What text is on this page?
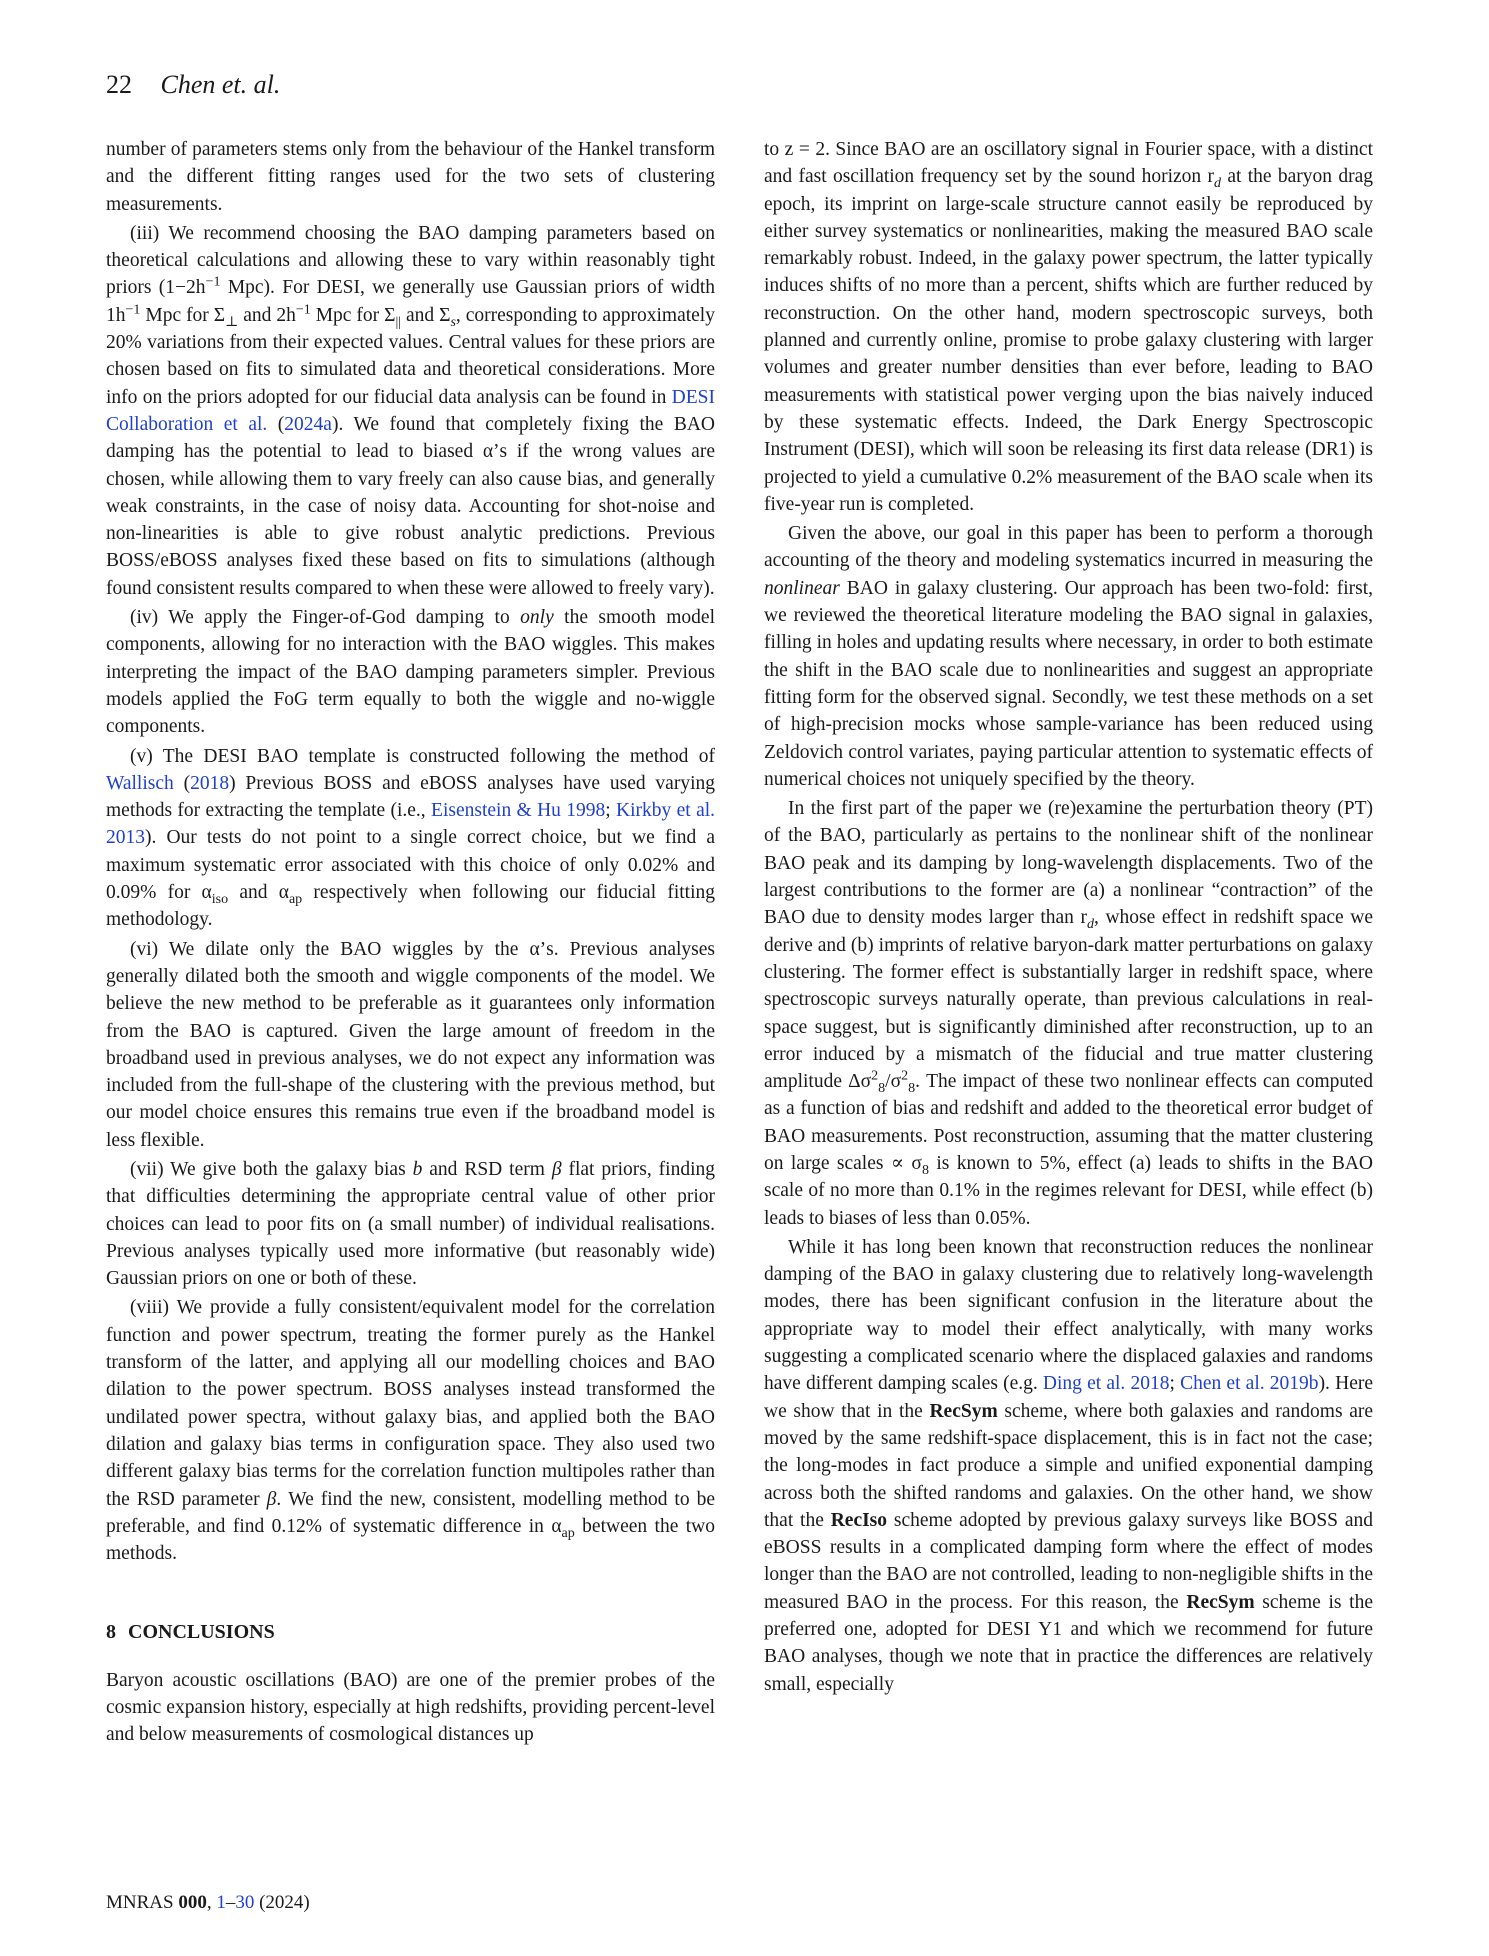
22 Chen et. al.

number of parameters stems only from the behaviour of the Hankel transform and the different fitting ranges used for the two sets of clustering measurements.

(iii) We recommend choosing the BAO damping parameters based on theoretical calculations and allowing these to vary within reasonably tight priors ($1-2h^{-1}$ Mpc). For DESI, we generally use Gaussian priors of width $1h^{-1}$ Mpc for $\Sigma_\perp$ and $2h^{-1}$ Mpc for $\Sigma_{||}$ and $\Sigma_s$, corresponding to approximately 20% variations from their expected values. Central values for these priors are chosen based on fits to simulated data and theoretical considerations. More info on the priors adopted for our fiducial data analysis can be found in DESI Collaboration et al. (2024a). We found that completely fixing the BAO damping has the potential to lead to biased α’s if the wrong values are chosen, while allowing them to vary freely can also cause bias, and generally weak constraints, in the case of noisy data. Accounting for shot-noise and non-linearities is able to give robust analytic predictions. Previous BOSS/eBOSS analyses fixed these based on fits to simulations (although found consistent results compared to when these were allowed to freely vary).

(iv) We apply the Finger-of-God damping to only the smooth model components, allowing for no interaction with the BAO wiggles. This makes interpreting the impact of the BAO damping parameters simpler. Previous models applied the FoG term equally to both the wiggle and no-wiggle components.

(v) The DESI BAO template is constructed following the method of Wallisch (2018) Previous BOSS and eBOSS analyses have used varying methods for extracting the template (i.e., Eisenstein & Hu 1998; Kirkby et al. 2013). Our tests do not point to a single correct choice, but we find a maximum systematic error associated with this choice of only 0.02% and 0.09% for $\alpha_{iso}$ and $\alpha_{ap}$ respectively when following our fiducial fitting methodology.

(vi) We dilate only the BAO wiggles by the α’s. Previous analyses generally dilated both the smooth and wiggle components of the model. We believe the new method to be preferable as it guarantees only information from the BAO is captured. Given the large amount of freedom in the broadband used in previous analyses, we do not expect any information was included from the full-shape of the clustering with the previous method, but our model choice ensures this remains true even if the broadband model is less flexible.

(vii) We give both the galaxy bias b and RSD term β flat priors, finding that difficulties determining the appropriate central value of other prior choices can lead to poor fits on (a small number) of individual realisations. Previous analyses typically used more informative (but reasonably wide) Gaussian priors on one or both of these.

(viii) We provide a fully consistent/equivalent model for the correlation function and power spectrum, treating the former purely as the Hankel transform of the latter, and applying all our modelling choices and BAO dilation to the power spectrum. BOSS analyses instead transformed the undilated power spectra, without galaxy bias, and applied both the BAO dilation and galaxy bias terms in configuration space. They also used two different galaxy bias terms for the correlation function multipoles rather than the RSD parameter β. We find the new, consistent, modelling method to be preferable, and find 0.12% of systematic difference in $\alpha_{ap}$ between the two methods.

8 CONCLUSIONS

Baryon acoustic oscillations (BAO) are one of the premier probes of the cosmic expansion history, especially at high redshifts, providing percent-level and below measurements of cosmological distances up

to z = 2. Since BAO are an oscillatory signal in Fourier space, with a distinct and fast oscillation frequency set by the sound horizon $r_d$ at the baryon drag epoch, its imprint on large-scale structure cannot easily be reproduced by either survey systematics or nonlinearities, making the measured BAO scale remarkably robust. Indeed, in the galaxy power spectrum, the latter typically induces shifts of no more than a percent, shifts which are further reduced by reconstruction. On the other hand, modern spectroscopic surveys, both planned and currently online, promise to probe galaxy clustering with larger volumes and greater number densities than ever before, leading to BAO measurements with statistical power verging upon the bias naively induced by these systematic effects. Indeed, the Dark Energy Spectroscopic Instrument (DESI), which will soon be releasing its first data release (DR1) is projected to yield a cumulative 0.2% measurement of the BAO scale when its five-year run is completed.

Given the above, our goal in this paper has been to perform a thorough accounting of the theory and modeling systematics incurred in measuring the nonlinear BAO in galaxy clustering. Our approach has been two-fold: first, we reviewed the theoretical literature modeling the BAO signal in galaxies, filling in holes and updating results where necessary, in order to both estimate the shift in the BAO scale due to nonlinearities and suggest an appropriate fitting form for the observed signal. Secondly, we test these methods on a set of high-precision mocks whose sample-variance has been reduced using Zeldovich control variates, paying particular attention to systematic effects of numerical choices not uniquely specified by the theory.

In the first part of the paper we (re)examine the perturbation theory (PT) of the BAO, particularly as pertains to the nonlinear shift of the nonlinear BAO peak and its damping by long-wavelength displacements. Two of the largest contributions to the former are (a) a nonlinear “contraction” of the BAO due to density modes larger than $r_d$, whose effect in redshift space we derive and (b) imprints of relative baryon-dark matter perturbations on galaxy clustering. The former effect is substantially larger in redshift space, where spectroscopic surveys naturally operate, than previous calculations in real-space suggest, but is significantly diminished after reconstruction, up to an error induced by a mismatch of the fiducial and true matter clustering amplitude $\Delta\sigma^2_8/\sigma^2_8$. The impact of these two nonlinear effects can computed as a function of bias and redshift and added to the theoretical error budget of BAO measurements. Post reconstruction, assuming that the matter clustering on large scales ∝ $\sigma_8$ is known to 5%, effect (a) leads to shifts in the BAO scale of no more than 0.1% in the regimes relevant for DESI, while effect (b) leads to biases of less than 0.05%.

While it has long been known that reconstruction reduces the nonlinear damping of the BAO in galaxy clustering due to relatively long-wavelength modes, there has been significant confusion in the literature about the appropriate way to model their effect analytically, with many works suggesting a complicated scenario where the displaced galaxies and randoms have different damping scales (e.g. Ding et al. 2018; Chen et al. 2019b). Here we show that in the RecSym scheme, where both galaxies and randoms are moved by the same redshift-space displacement, this is in fact not the case; the long-modes in fact produce a simple and unified exponential damping across both the shifted randoms and galaxies. On the other hand, we show that the RecIso scheme adopted by previous galaxy surveys like BOSS and eBOSS results in a complicated damping form where the effect of modes longer than the BAO are not controlled, leading to non-negligible shifts in the measured BAO in the process. For this reason, the RecSym scheme is the preferred one, adopted for DESI Y1 and which we recommend for future BAO analyses, though we note that in practice the differences are relatively small, especially

MNRAS 000, 1–30 (2024)
